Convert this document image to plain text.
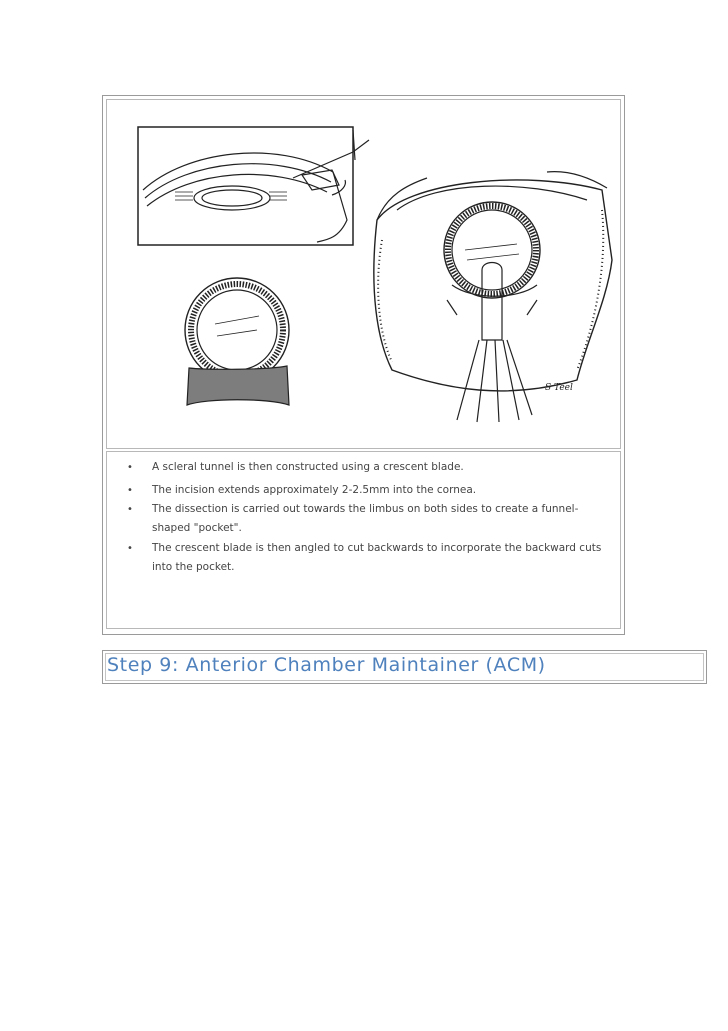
S Teel
• A scleral tunnel is then constructed using a crescent blade.
• The incision extends approximately 2-2.5mm into the cornea.
• The dissection is carried out towards the limbus on both sides to create a funnel-
shaped "pocket".
• The crescent blade is then angled to cut backwards to incorporate the backward cuts
into the pocket.
Step 9: Anterior Chamber Maintainer (ACM)
